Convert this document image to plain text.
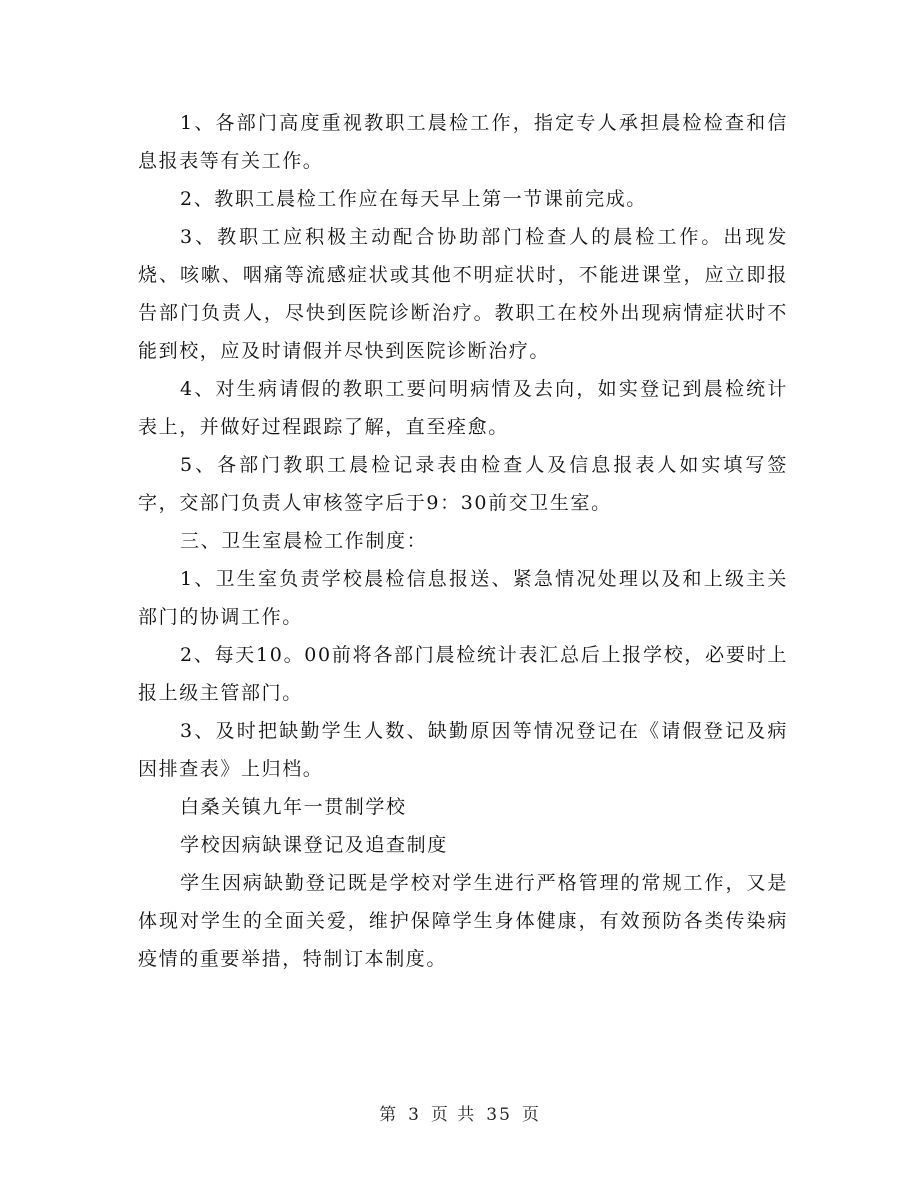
1、各部门高度重视教职工晨检工作，指定专人承担晨检检查和信息报表等有关工作。

2、教职工晨检工作应在每天早上第一节课前完成。

3、教职工应积极主动配合协助部门检查人的晨检工作。出现发烧、咳嗽、咽痛等流感症状或其他不明症状时，不能进课堂，应立即报告部门负责人，尽快到医院诊断治疗。教职工在校外出现病情症状时不能到校，应及时请假并尽快到医院诊断治疗。

4、对生病请假的教职工要问明病情及去向，如实登记到晨检统计表上，并做好过程跟踪了解，直至痊愈。

5、各部门教职工晨检记录表由检查人及信息报表人如实填写签字，交部门负责人审核签字后于9：30前交卫生室。

三、卫生室晨检工作制度：

1、卫生室负责学校晨检信息报送、紧急情况处理以及和上级主关部门的协调工作。

2、每天10。00前将各部门晨检统计表汇总后上报学校，必要时上报上级主管部门。

3、及时把缺勤学生人数、缺勤原因等情况登记在《请假登记及病因排查表》上归档。

白桑关镇九年一贯制学校

学校因病缺课登记及追查制度

学生因病缺勤登记既是学校对学生进行严格管理的常规工作，又是体现对学生的全面关爱，维护保障学生身体健康，有效预防各类传染病疫情的重要举措，特制订本制度。

第 3 页 共 35 页
